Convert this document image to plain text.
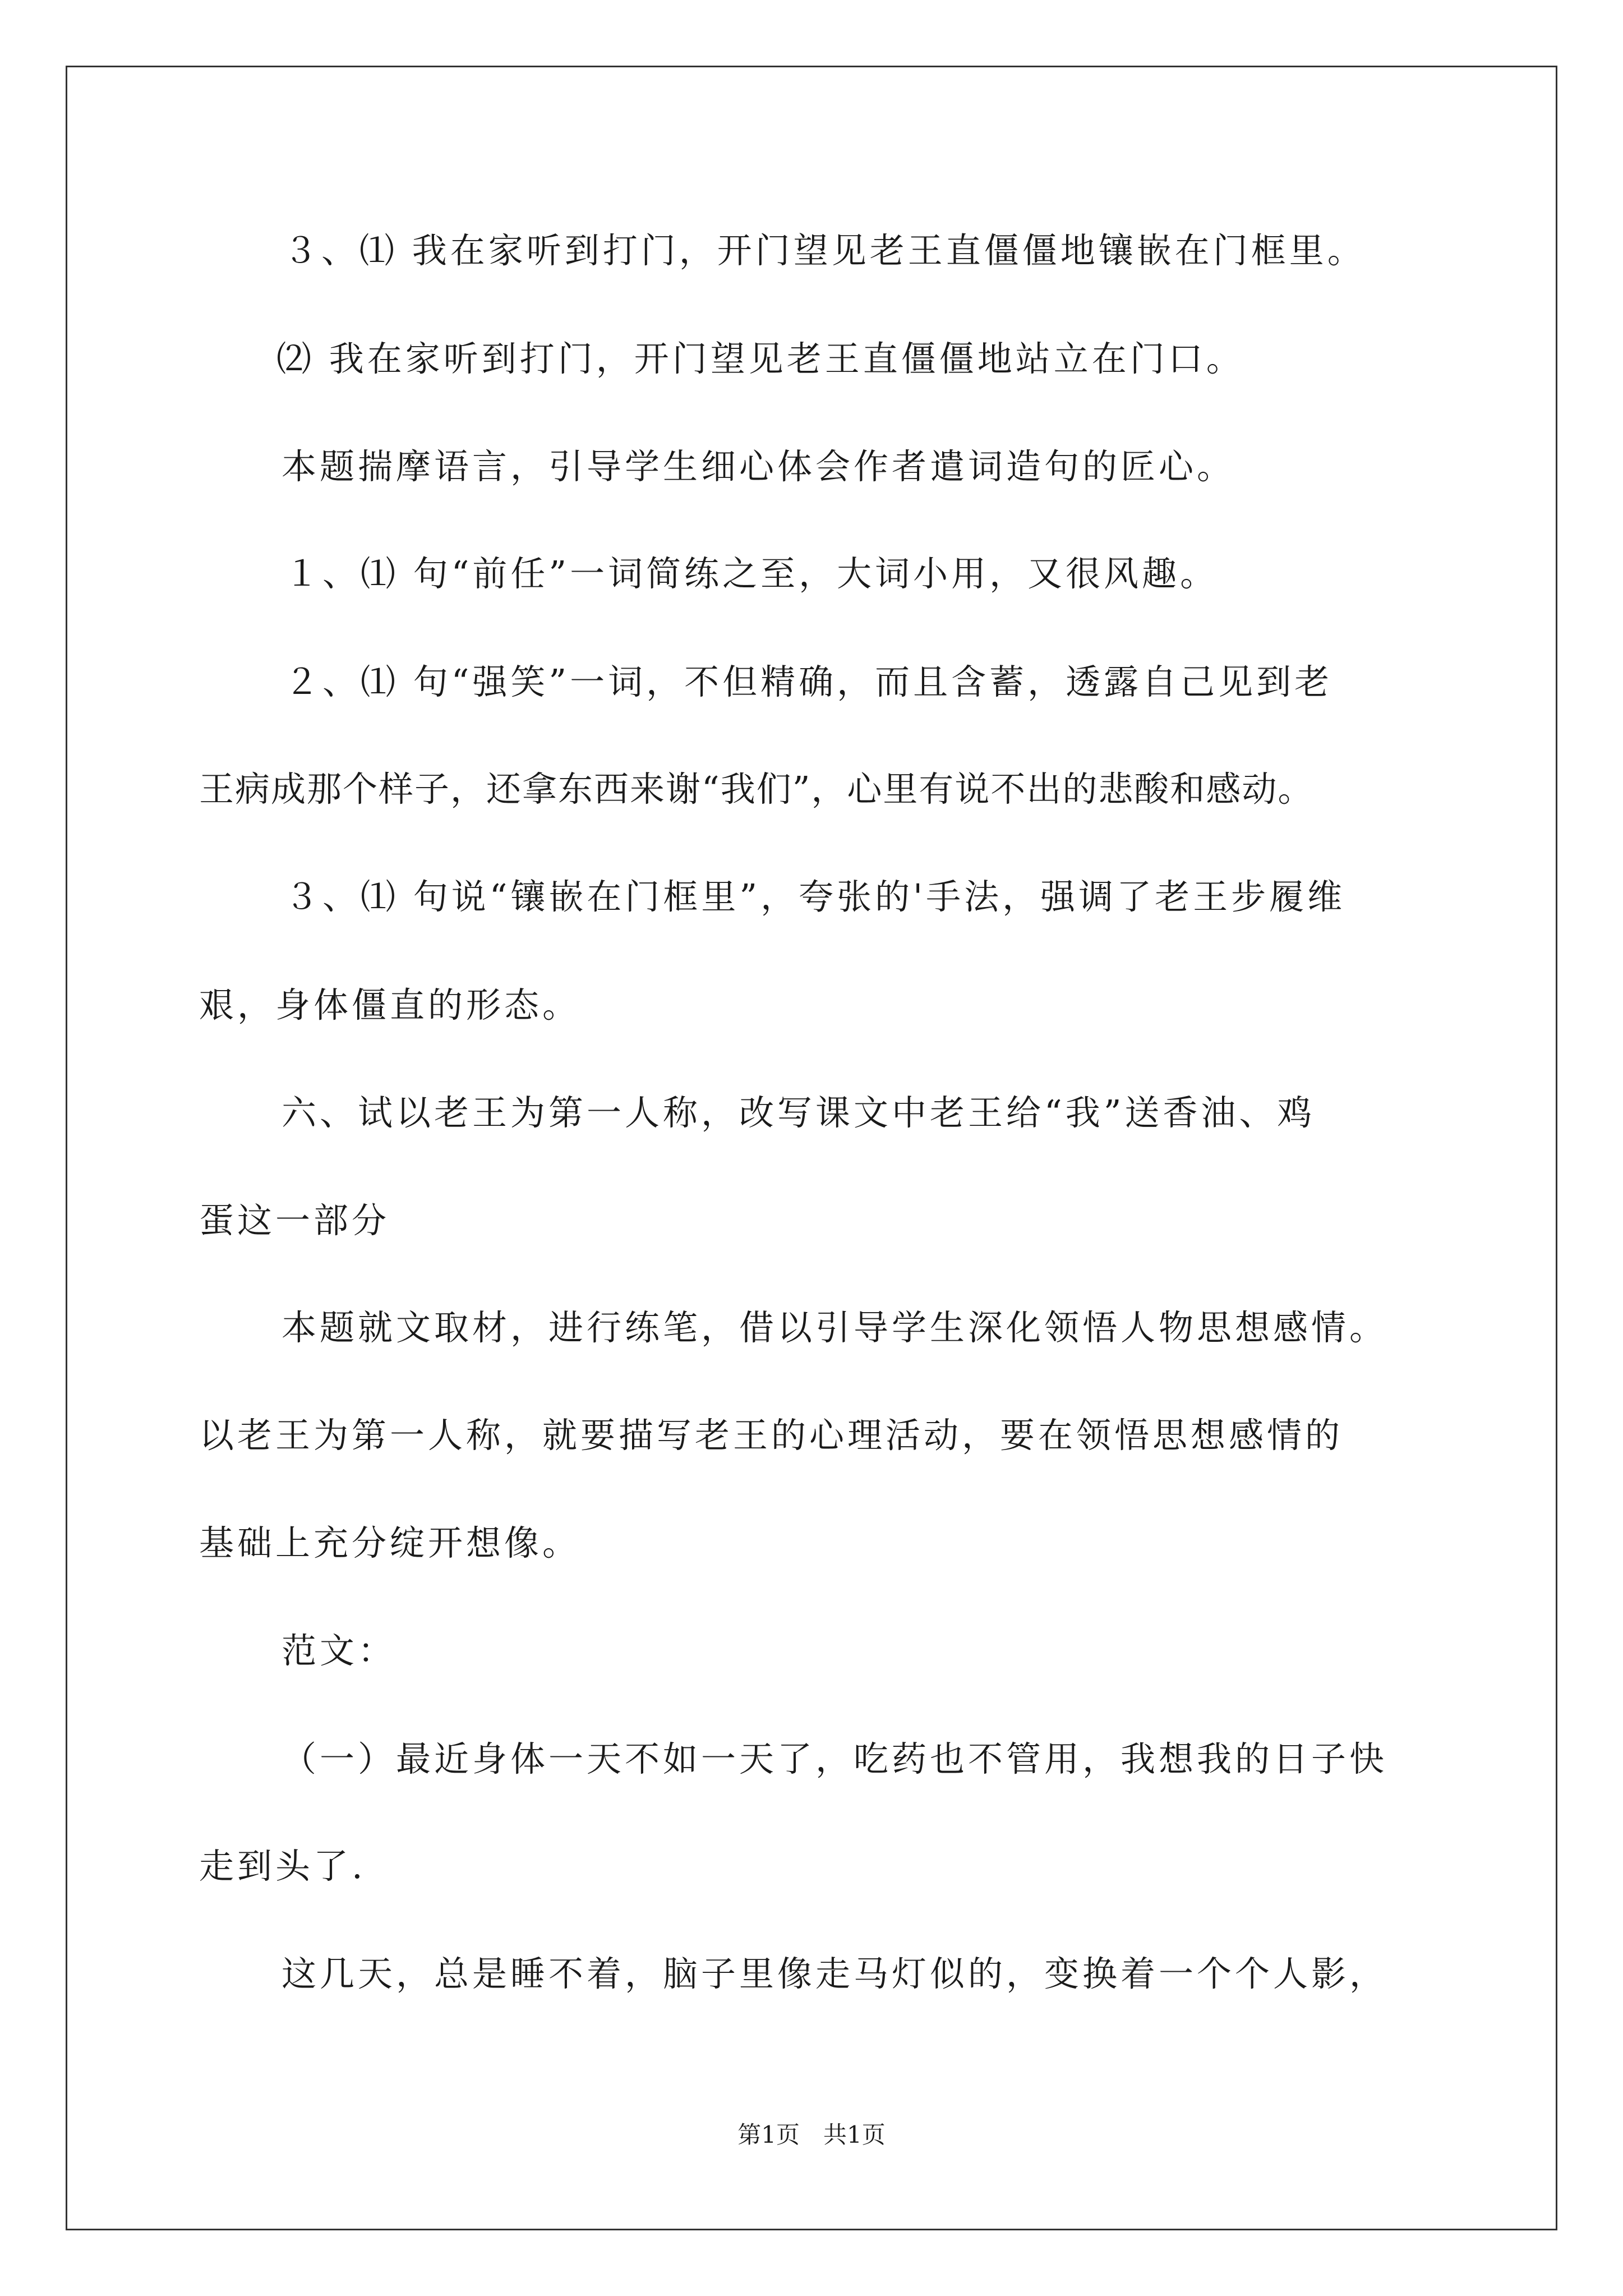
３、⑴ 我在家听到打门，开门望见老王直僵僵地镶嵌在门框里。
⑵ 我在家听到打门，开门望见老王直僵僵地站立在门口。
本题揣摩语言，引导学生细心体会作者遣词造句的匠心。
１、⑴ 句“前任”一词简练之至，大词小用，又很风趣。
２、⑴ 句“强笑”一词，不但精确，而且含蓄，透露自己见到老
王病成那个样子，还拿东西来谢“我们”，心里有说不出的悲酸和感动。
３、⑴ 句说“镶嵌在门框里”，夸张的'手法，强调了老王步履维
艰，身体僵直的形态。
六、试以老王为第一人称，改写课文中老王给“我”送香油、鸡
蛋这一部分
本题就文取材，进行练笔，借以引导学生深化领悟人物思想感情。
以老王为第一人称，就要描写老王的心理活动，要在领悟思想感情的
基础上充分绽开想像。
范文：
（一）最近身体一天不如一天了，吃药也不管用，我想我的日子快
走到头了.
这几天，总是睡不着，脑子里像走马灯似的，变换着一个个人影，
第1页　共1页
